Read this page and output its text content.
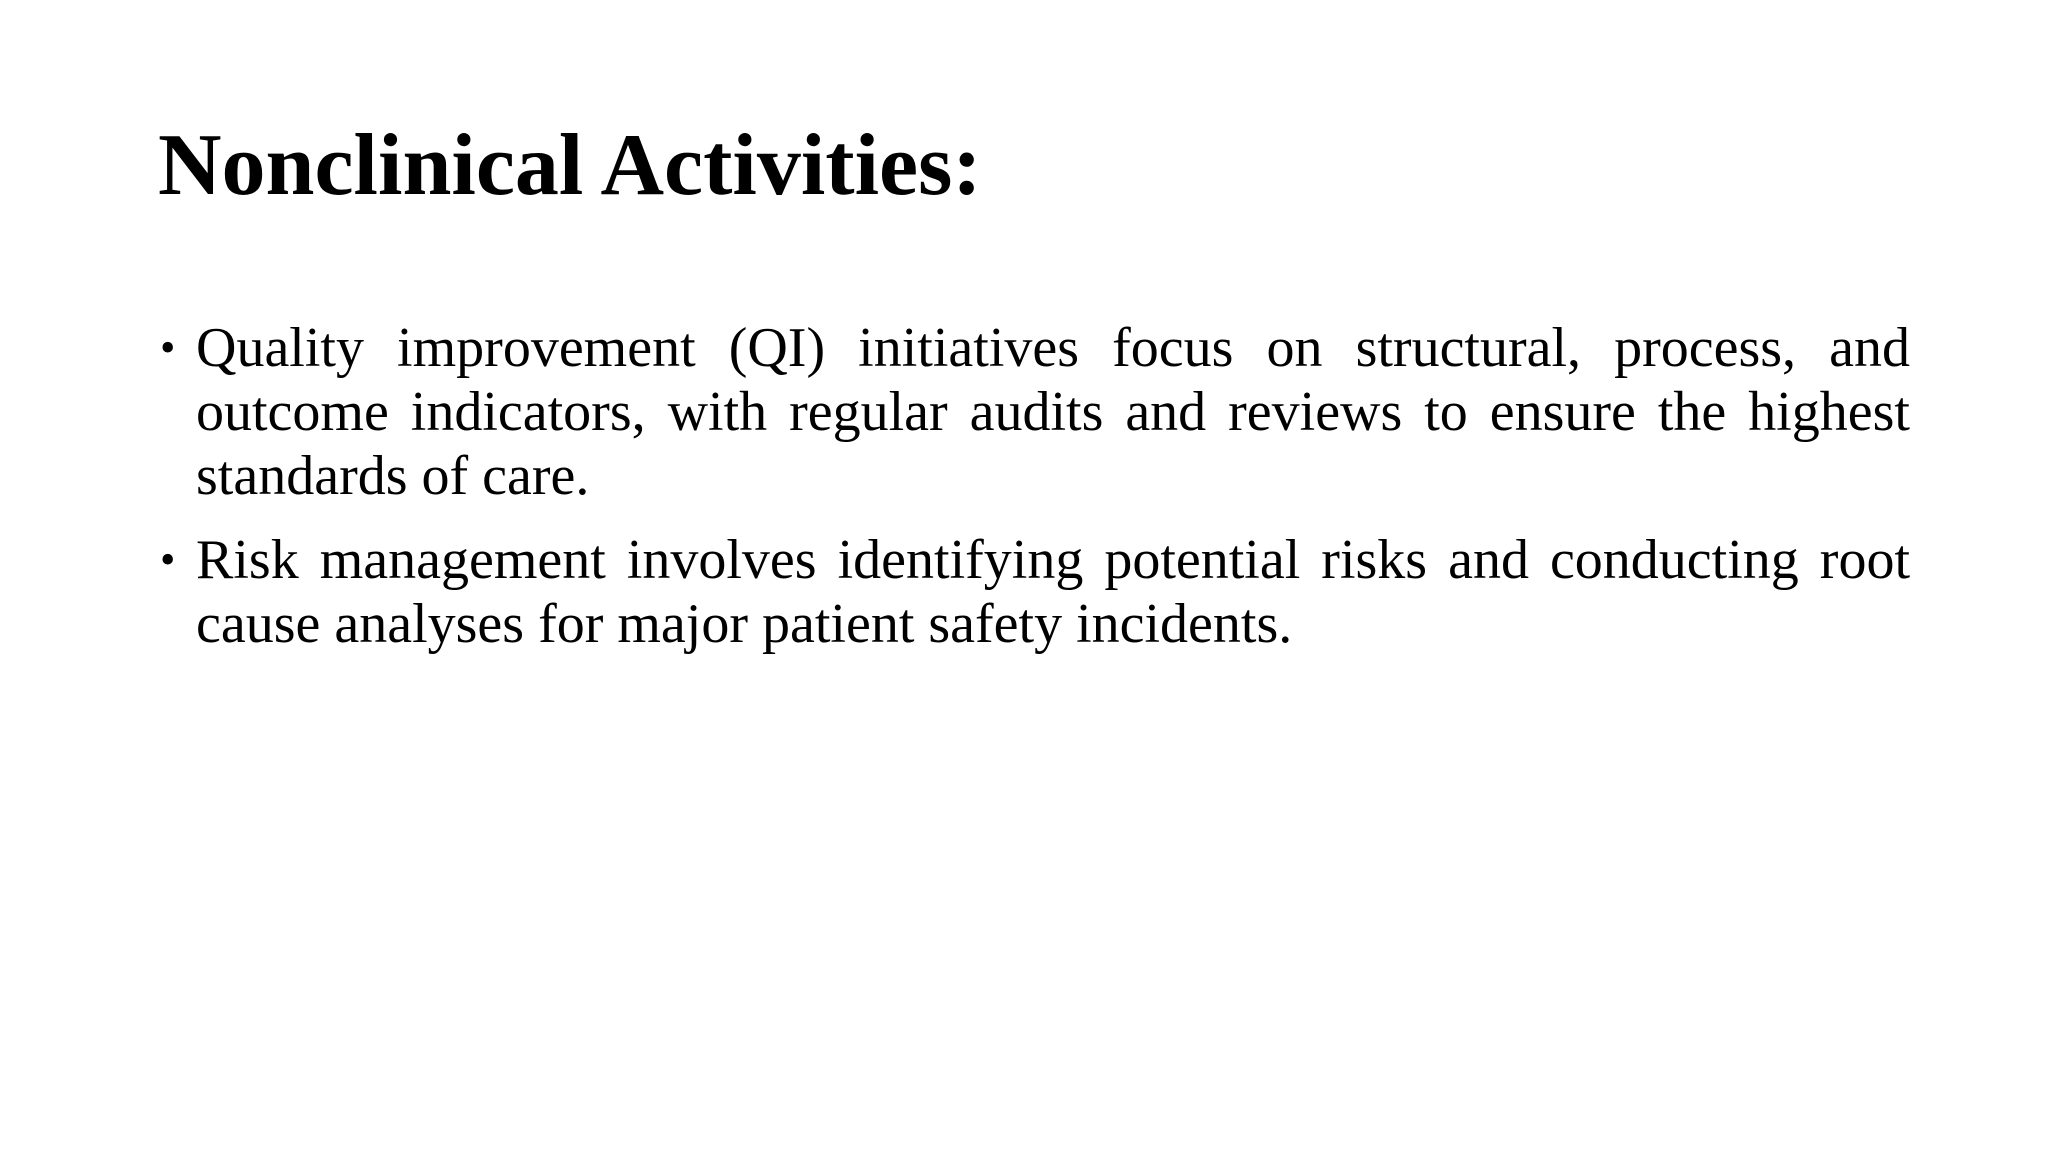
Nonclinical Activities:
• Quality improvement (QI) initiatives focus on structural, process, and outcome indicators, with regular audits and reviews to ensure the highest standards of care.
• Risk management involves identifying potential risks and conducting root cause analyses for major patient safety incidents.
